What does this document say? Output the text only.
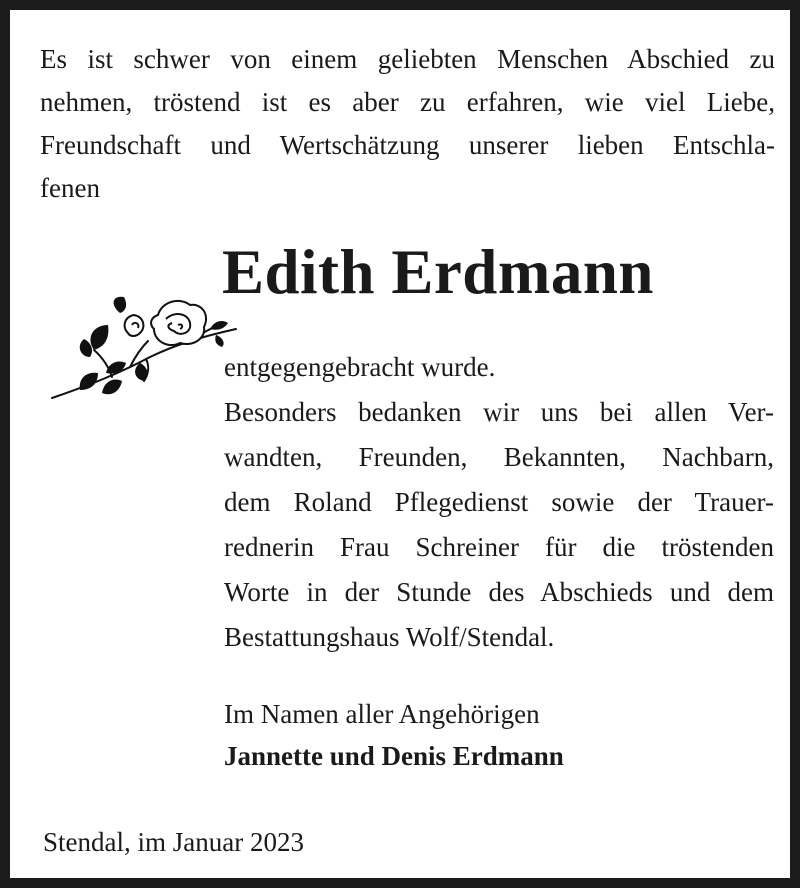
Es ist schwer von einem geliebten Menschen Abschied zu
nehmen, tröstend ist es aber zu erfahren, wie viel Liebe,
Freundschaft und Wertschätzung unserer lieben Entschla-
fenen
Edith Erdmann
entgegengebracht wurde.
Besonders bedanken wir uns bei allen Ver-
wandten, Freunden, Bekannten, Nachbarn,
dem Roland Pflegedienst sowie der Trauer-
rednerin Frau Schreiner für die tröstenden
Worte in der Stunde des Abschieds und dem
Bestattungshaus Wolf/Stendal.
Im Namen aller Angehörigen
Jannette und Denis Erdmann
Stendal, im Januar 2023
